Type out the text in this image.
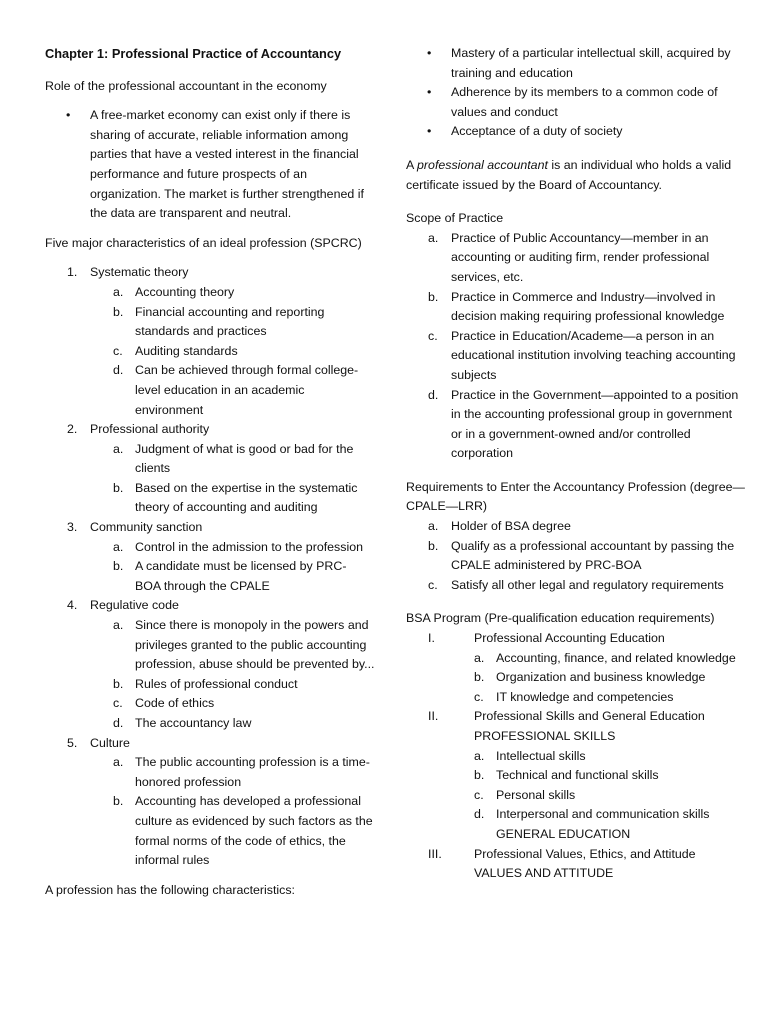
Chapter 1: Professional Practice of Accountancy

Role of the professional accountant in the economy

• A free-market economy can exist only if there is sharing of accurate, reliable information among parties that have a vested interest in the financial performance and future prospects of an organization. The market is further strengthened if the data are transparent and neutral.

Five major characteristics of an ideal profession (SPCRC)

1. Systematic theory
a. Accounting theory
b. Financial accounting and reporting standards and practices
c. Auditing standards
d. Can be achieved through formal college-level education in an academic environment
2. Professional authority
a. Judgment of what is good or bad for the clients
b. Based on the expertise in the systematic theory of accounting and auditing
3. Community sanction
a. Control in the admission to the profession
b. A candidate must be licensed by PRC- BOA through the CPALE
4. Regulative code
a. Since there is monopoly in the powers and privileges granted to the public accounting profession, abuse should be prevented by...
b. Rules of professional conduct
c. Code of ethics
d. The accountancy law
5. Culture
a. The public accounting profession is a time-honored profession
b. Accounting has developed a professional culture as evidenced by such factors as the formal norms of the code of ethics, the informal rules

A profession has the following characteristics:

• Mastery of a particular intellectual skill, acquired by training and education
• Adherence by its members to a common code of values and conduct
• Acceptance of a duty of society

A professional accountant is an individual who holds a valid certificate issued by the Board of Accountancy.

Scope of Practice

a. Practice of Public Accountancy—member in an accounting or auditing firm, render professional services, etc.
b. Practice in Commerce and Industry—involved in decision making requiring professional knowledge
c. Practice in Education/Academe—a person in an educational institution involving teaching accounting subjects
d. Practice in the Government—appointed to a position in the accounting professional group in government or in a government-owned and/or controlled corporation

Requirements to Enter the Accountancy Profession (degree—CPALE—LRR)

a. Holder of BSA degree
b. Qualify as a professional accountant by passing the CPALE administered by PRC-BOA
c. Satisfy all other legal and regulatory requirements

BSA Program (Pre-qualification education requirements)

I.	Professional Accounting Education
a. Accounting, finance, and related knowledge
b. Organization and business knowledge
c. IT knowledge and competencies
II.	Professional Skills and General Education PROFESSIONAL SKILLS
a. Intellectual skills
b. Technical and functional skills
c. Personal skills
d. Interpersonal and communication skills GENERAL EDUCATION
III.	Professional Values, Ethics, and Attitude VALUES AND ATTITUDE
